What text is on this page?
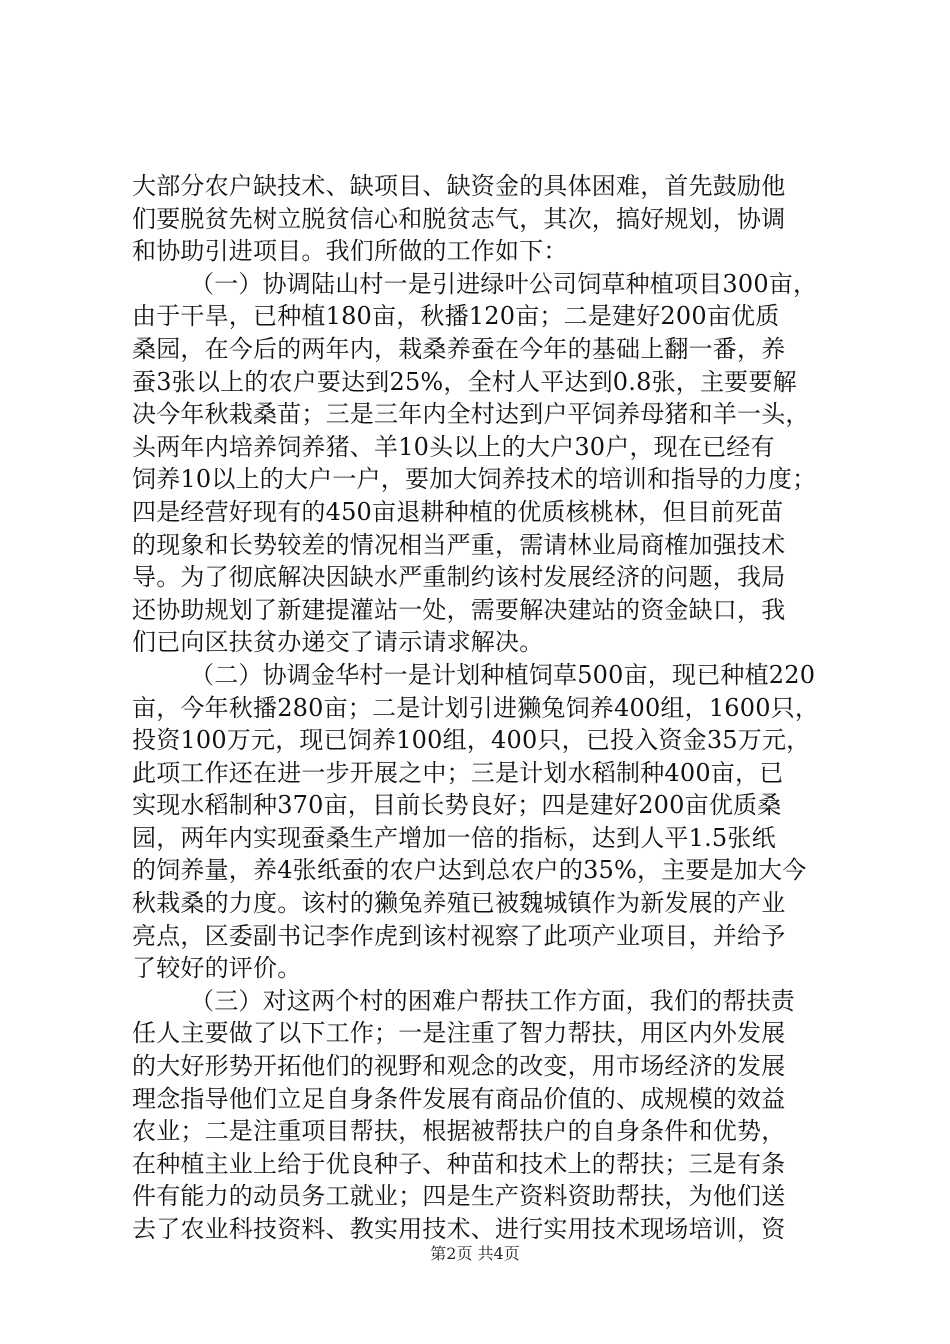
大部分农户缺技术、缺项目、缺资金的具体困难，首先鼓励他
们要脱贫先树立脱贫信心和脱贫志气，其次，搞好规划，协调
和协助引进项目。我们所做的工作如下：
（一）协调陆山村一是引进绿叶公司饲草种植项目300亩，
由于干旱，已种植180亩，秋播120亩；二是建好200亩优质
桑园，在今后的两年内，栽桑养蚕在今年的基础上翻一番，养
蚕3张以上的农户要达到25%，全村人平达到0.8张，主要要解
决今年秋栽桑苗；三是三年内全村达到户平饲养母猪和羊一头，
头两年内培养饲养猪、羊10头以上的大户30户，现在已经有
饲养10以上的大户一户，要加大饲养技术的培训和指导的力度；
四是经营好现有的450亩退耕种植的优质核桃林，但目前死苗
的现象和长势较差的情况相当严重，需请林业局商榷加强技术
导。为了彻底解决因缺水严重制约该村发展经济的问题，我局
还协助规划了新建提灌站一处，需要解决建站的资金缺口，我
们已向区扶贫办递交了请示请求解决。
（二）协调金华村一是计划种植饲草500亩，现已种植220
亩，今年秋播280亩；二是计划引进獭兔饲养400组，1600只，
投资100万元，现已饲养100组，400只，已投入资金35万元，
此项工作还在进一步开展之中；三是计划水稻制种400亩，已
实现水稻制种370亩，目前长势良好；四是建好200亩优质桑
园，两年内实现蚕桑生产增加一倍的指标，达到人平1.5张纸
的饲养量，养4张纸蚕的农户达到总农户的35%，主要是加大今
秋栽桑的力度。该村的獭兔养殖已被魏城镇作为新发展的产业
亮点，区委副书记李作虎到该村视察了此项产业项目，并给予
了较好的评价。
（三）对这两个村的困难户帮扶工作方面，我们的帮扶责
任人主要做了以下工作；一是注重了智力帮扶，用区内外发展
的大好形势开拓他们的视野和观念的改变，用市场经济的发展
理念指导他们立足自身条件发展有商品价值的、成规模的效益
农业；二是注重项目帮扶，根据被帮扶户的自身条件和优势，
在种植主业上给于优良种子、种苗和技术上的帮扶；三是有条
件有能力的动员务工就业；四是生产资料资助帮扶，为他们送
去了农业科技资料、教实用技术、进行实用技术现场培训，资
第2页 共4页
